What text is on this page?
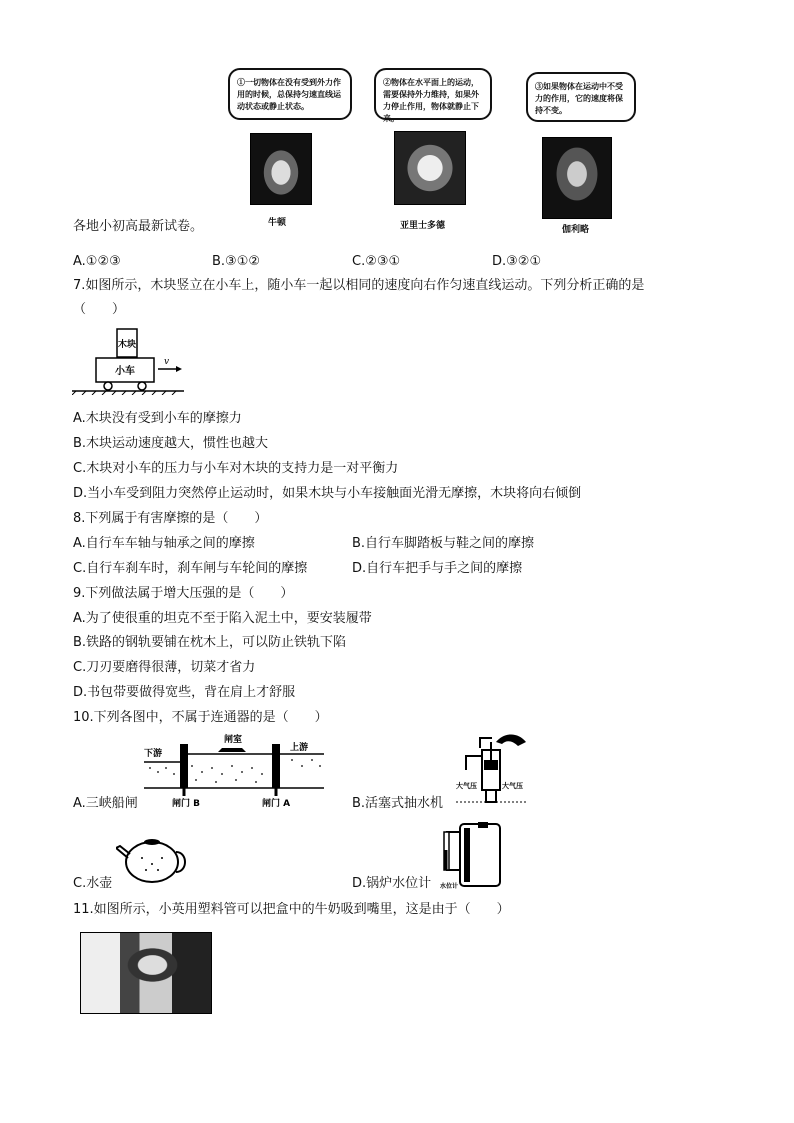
①一切物体在没有受到外力作用的时候，总保持匀速直线运动状态或静止状态。
②物体在水平面上的运动，需要保持外力维持，如果外力停止作用，物体就静止下来。
③如果物体在运动中不受力的作用，它的速度将保持不变。
牛顿	亚里士多德	伽利略
各地小初高最新试卷。
A.①②③	B.③①②	C.②③①	D.③②①
7.如图所示，木块竖立在小车上，随小车一起以相同的速度向右作匀速直线运动。下列分析正确的是
（　　）
木块
小车
v
A.木块没有受到小车的摩擦力
B.木块运动速度越大，惯性也越大
C.木块对小车的压力与小车对木块的支持力是一对平衡力
D.当小车受到阻力突然停止运动时，如果木块与小车接触面光滑无摩擦，木块将向右倾倒
8.下列属于有害摩擦的是（　　）
A.自行车车轴与轴承之间的摩擦	B.自行车脚踏板与鞋之间的摩擦
C.自行车刹车时，刹车闸与车轮间的摩擦	D.自行车把手与手之间的摩擦
9.下列做法属于增大压强的是（　　）
A.为了使很重的坦克不至于陷入泥土中，要安装履带
B.铁路的钢轨要铺在枕木上，可以防止铁轨下陷
C.刀刃要磨得很薄，切菜才省力
D.书包带要做得宽些，背在肩上才舒服
10.下列各图中，不属于连通器的是（　　）
闸室
下游
上游
闸门 B	闸门 A
A.三峡船闸
大气压	大气压
B.活塞式抽水机
C.水壶	水位计
D.锅炉水位计
11.如图所示，小英用塑料管可以把盒中的牛奶吸到嘴里，这是由于（　　）
